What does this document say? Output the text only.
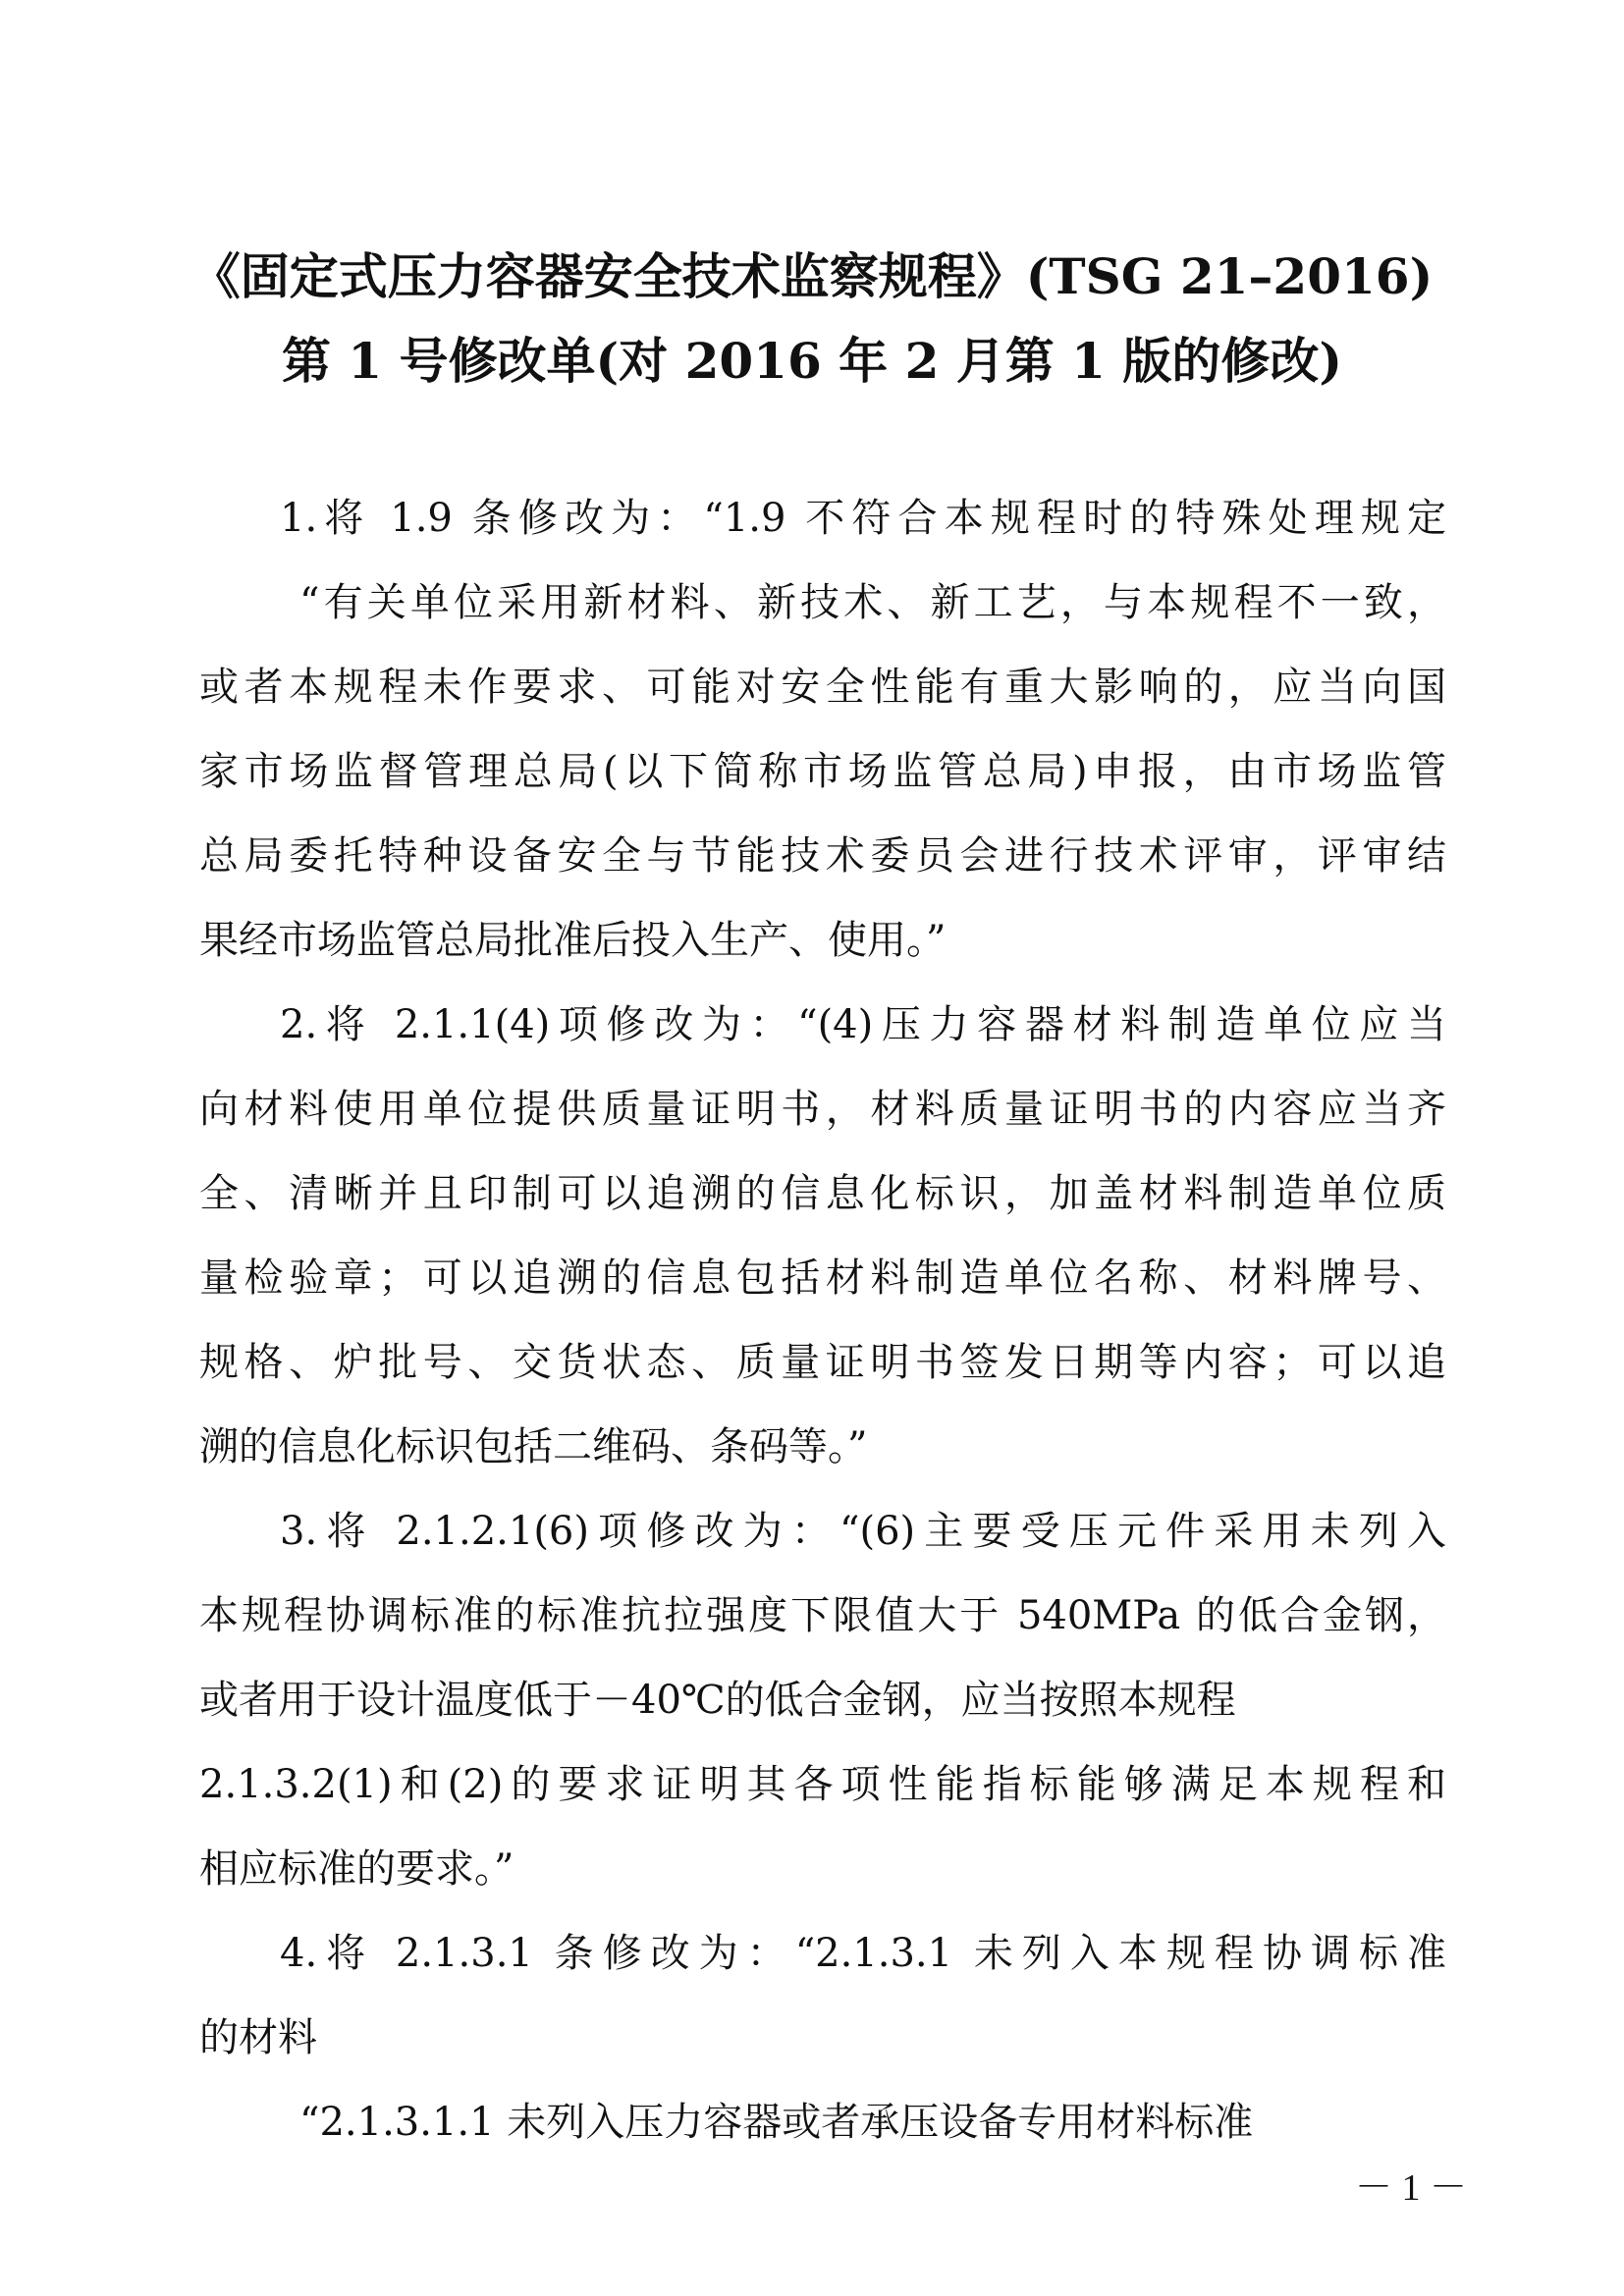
《固定式压力容器安全技术监察规程》(TSG 21–2016)
第 1 号修改单(对 2016 年 2 月第 1 版的修改)
1.将 1.9 条修改为：“1.9 不符合本规程时的特殊处理规定
“有关单位采用新材料、新技术、新工艺，与本规程不一致，
或者本规程未作要求、可能对安全性能有重大影响的，应当向国
家市场监督管理总局(以下简称市场监管总局)申报，由市场监管
总局委托特种设备安全与节能技术委员会进行技术评审，评审结
果经市场监管总局批准后投入生产、使用。”
2.将 2.1.1(4)项修改为：“(4)压力容器材料制造单位应当
向材料使用单位提供质量证明书，材料质量证明书的内容应当齐
全、清晰并且印制可以追溯的信息化标识，加盖材料制造单位质
量检验章；可以追溯的信息包括材料制造单位名称、材料牌号、
规格、炉批号、交货状态、质量证明书签发日期等内容；可以追
溯的信息化标识包括二维码、条码等。”
3.将 2.1.2.1(6)项修改为：“(6)主要受压元件采用未列入
本规程协调标准的标准抗拉强度下限值大于 540MPa 的低合金钢，
或者用于设计温度低于－40℃的低合金钢，应当按照本规程
2.1.3.2(1)和(2)的要求证明其各项性能指标能够满足本规程和
相应标准的要求。”
4.将 2.1.3.1 条修改为：“2.1.3.1 未列入本规程协调标准
的材料
“2.1.3.1.1 未列入压力容器或者承压设备专用材料标准
－ 1 －
